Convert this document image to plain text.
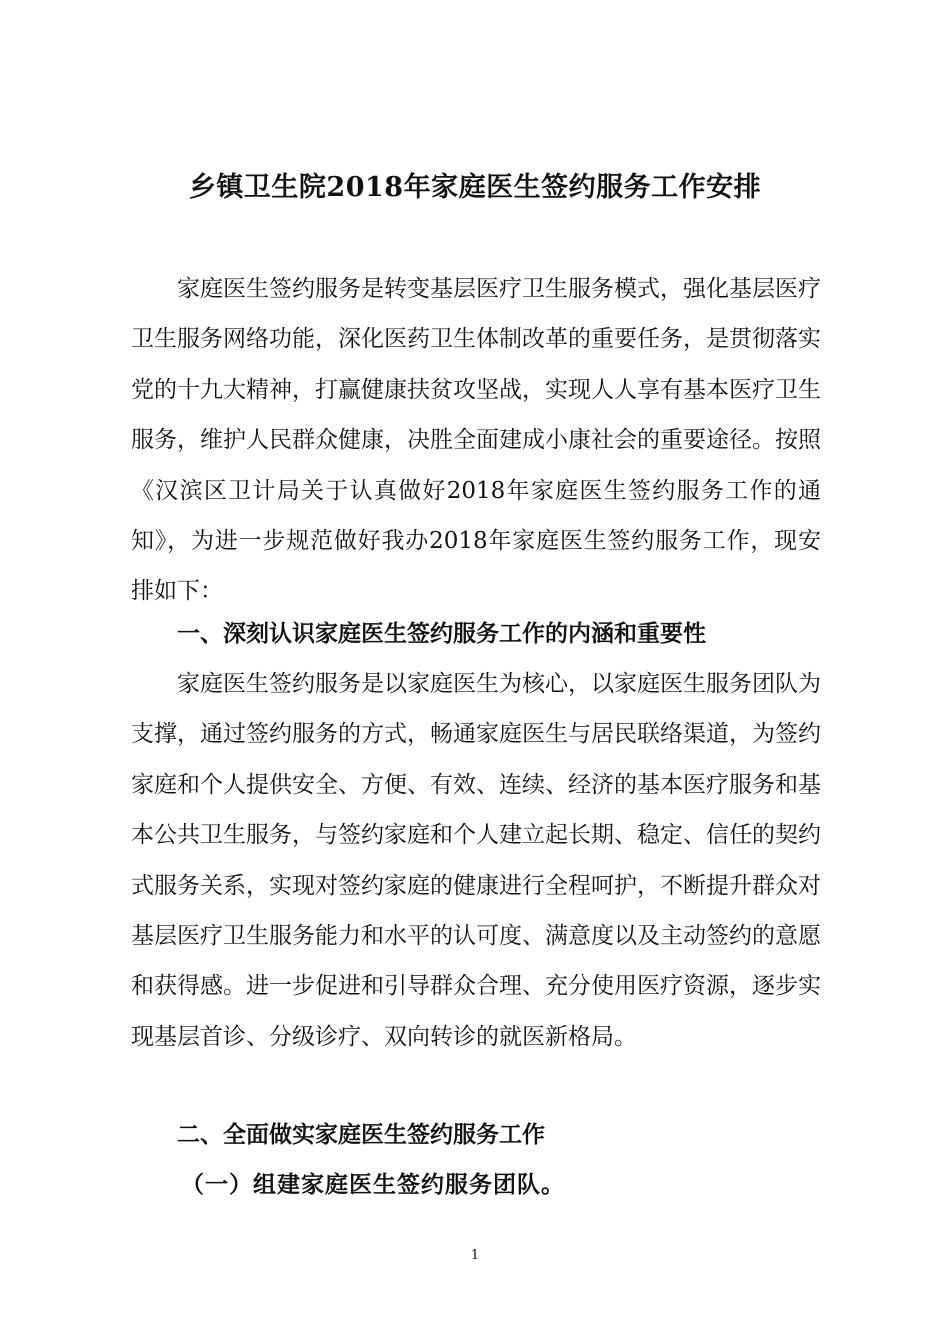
乡镇卫生院2018年家庭医生签约服务工作安排

家庭医生签约服务是转变基层医疗卫生服务模式，强化基层医疗卫生服务网络功能，深化医药卫生体制改革的重要任务，是贯彻落实党的十九大精神，打赢健康扶贫攻坚战，实现人人享有基本医疗卫生服务，维护人民群众健康，决胜全面建成小康社会的重要途径。按照《汉滨区卫计局关于认真做好2018年家庭医生签约服务工作的通知》，为进一步规范做好我办2018年家庭医生签约服务工作，现安排如下：

一、深刻认识家庭医生签约服务工作的内涵和重要性

家庭医生签约服务是以家庭医生为核心，以家庭医生服务团队为支撑，通过签约服务的方式，畅通家庭医生与居民联络渠道，为签约家庭和个人提供安全、方便、有效、连续、经济的基本医疗服务和基本公共卫生服务，与签约家庭和个人建立起长期、稳定、信任的契约式服务关系，实现对签约家庭的健康进行全程呵护，不断提升群众对基层医疗卫生服务能力和水平的认可度、满意度以及主动签约的意愿和获得感。进一步促进和引导群众合理、充分使用医疗资源，逐步实现基层首诊、分级诊疗、双向转诊的就医新格局。

二、全面做实家庭医生签约服务工作
（一）组建家庭医生签约服务团队。
1
